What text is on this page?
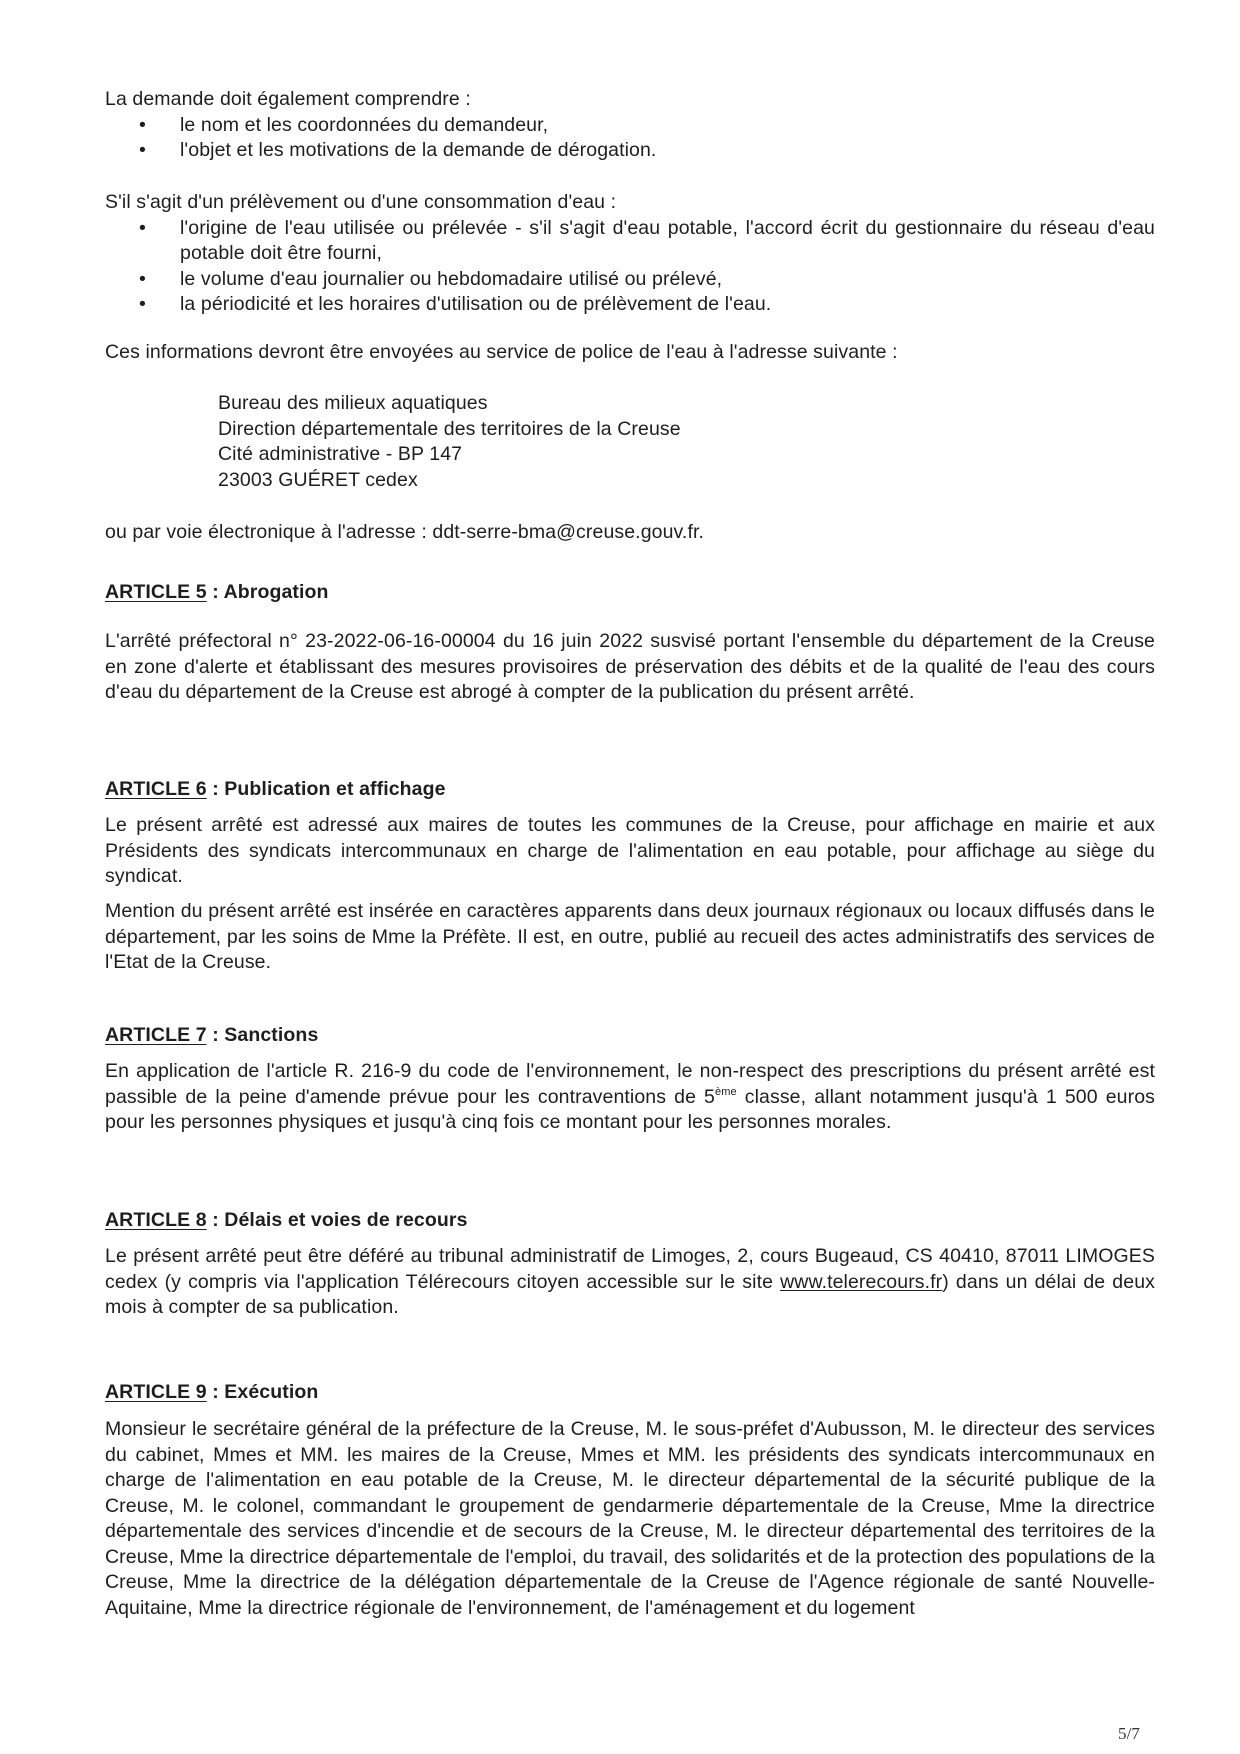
La demande doit également comprendre :
• le nom et les coordonnées du demandeur,
• l'objet et les motivations de la demande de dérogation.
S'il s'agit d'un prélèvement ou d'une consommation d'eau :
• l'origine de l'eau utilisée ou prélevée - s'il s'agit d'eau potable, l'accord écrit du gestionnaire du réseau d'eau potable doit être fourni,
• le volume d'eau journalier ou hebdomadaire utilisé ou prélevé,
• la périodicité et les horaires d'utilisation ou de prélèvement de l'eau.
Ces informations devront être envoyées au service de police de l'eau à l'adresse suivante :
Bureau des milieux aquatiques
Direction départementale des territoires de la Creuse
Cité administrative - BP 147
23003 GUÉRET cedex
ou par voie électronique à l'adresse : ddt-serre-bma@creuse.gouv.fr.
ARTICLE 5 : Abrogation

L'arrêté préfectoral n° 23-2022-06-16-00004 du 16 juin 2022 susvisé portant l'ensemble du département de la Creuse en zone d'alerte et établissant des mesures provisoires de préservation des débits et de la qualité de l'eau des cours d'eau du département de la Creuse est abrogé à compter de la publication du présent arrêté.

ARTICLE 6 : Publication et affichage

Le présent arrêté est adressé aux maires de toutes les communes de la Creuse, pour affichage en mairie et aux Présidents des syndicats intercommunaux en charge de l'alimentation en eau potable, pour affichage au siège du syndicat.

Mention du présent arrêté est insérée en caractères apparents dans deux journaux régionaux ou locaux diffusés dans le département, par les soins de Mme la Préfète. Il est, en outre, publié au recueil des actes administratifs des services de l'Etat de la Creuse.

ARTICLE 7 : Sanctions

En application de l'article R. 216-9 du code de l'environnement, le non-respect des prescriptions du présent arrêté est passible de la peine d'amende prévue pour les contraventions de 5ème classe, allant notamment jusqu'à 1 500 euros pour les personnes physiques et jusqu'à cinq fois ce montant pour les personnes morales.

ARTICLE 8 : Délais et voies de recours

Le présent arrêté peut être déféré au tribunal administratif de Limoges, 2, cours Bugeaud, CS 40410, 87011 LIMOGES cedex (y compris via l'application Télérecours citoyen accessible sur le site www.telerecours.fr) dans un délai de deux mois à compter de sa publication.

ARTICLE 9 : Exécution

Monsieur le secrétaire général de la préfecture de la Creuse, M. le sous-préfet d'Aubusson, M. le directeur des services du cabinet, Mmes et MM. les maires de la Creuse, Mmes et MM. les présidents des syndicats intercommunaux en charge de l'alimentation en eau potable de la Creuse, M. le directeur départemental de la sécurité publique de la Creuse, M. le colonel, commandant le groupement de gendarmerie départementale de la Creuse, Mme la directrice départementale des services d'incendie et de secours de la Creuse, M. le directeur départemental des territoires de la Creuse, Mme la directrice départementale de l'emploi, du travail, des solidarités et de la protection des populations de la Creuse, Mme la directrice de la délégation départementale de la Creuse de l'Agence régionale de santé Nouvelle-Aquitaine, Mme la directrice régionale de l'environnement, de l'aménagement et du logement

5/7
